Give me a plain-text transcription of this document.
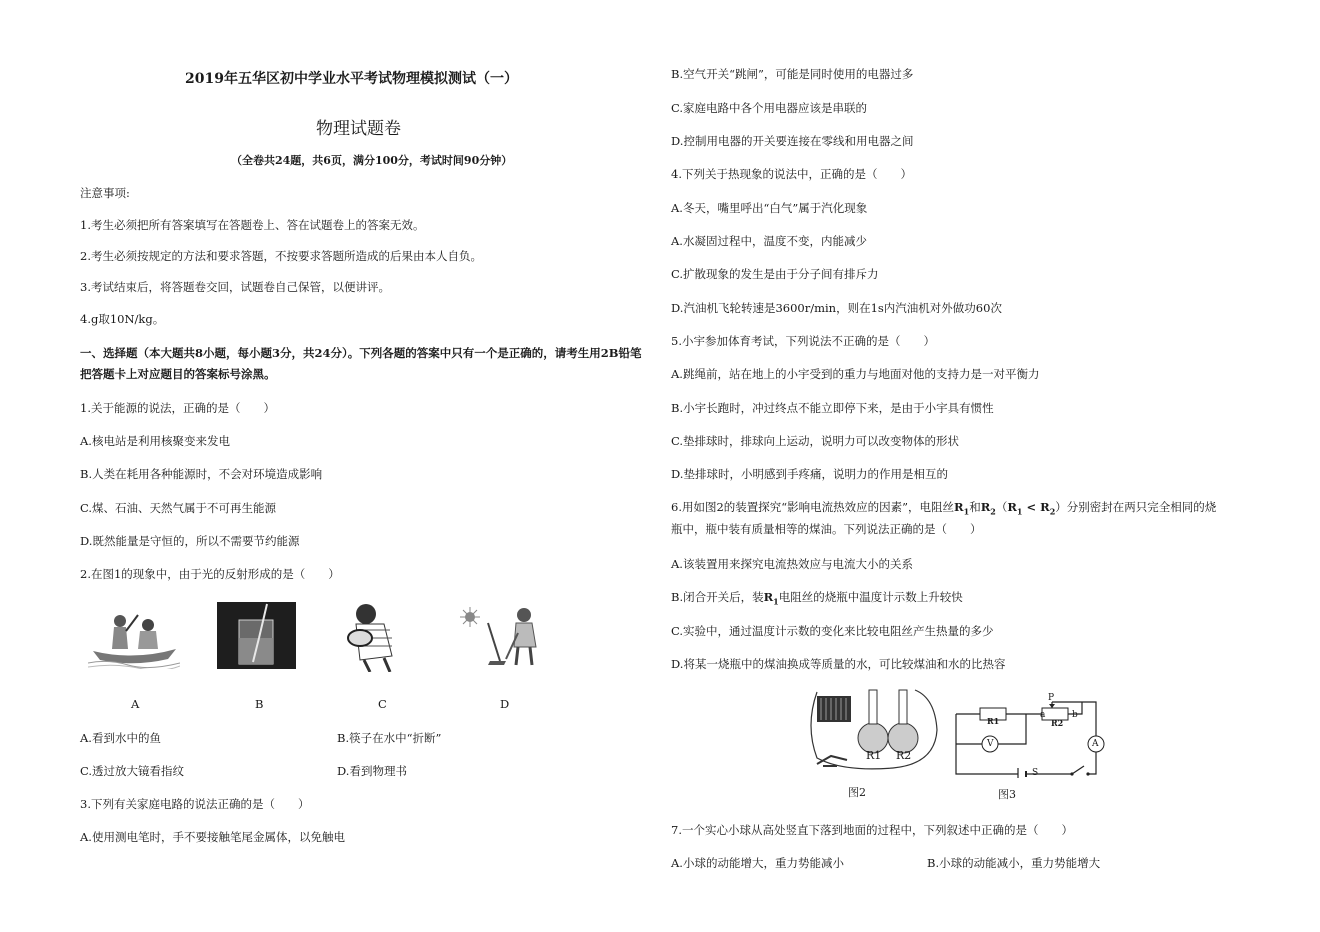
2019年五华区初中学业水平考试物理模拟测试（一）
物理试题卷
（全卷共24题，共6页，满分100分，考试时间90分钟）
注意事项:
1.考生必须把所有答案填写在答题卷上、答在试题卷上的答案无效。
2.考生必须按规定的方法和要求答题，不按要求答题所造成的后果由本人自负。
3.考试结束后，将答题卷交回，试题卷自己保管，以便讲评。
4.g取10N/kg。
一、选择题（本大题共8小题，每小题3分，共24分）。下列各题的答案中只有一个是正确的，请考生用2B铅笔
把答题卡上对应题目的答案标号涂黑。
1.关于能源的说法，正确的是（　　）
A.核电站是利用核聚变来发电
B.人类在耗用各种能源时，不会对环境造成影响
C.煤、石油、天然气属于不可再生能源
D.既然能量是守恒的，所以不需要节约能源
2.在图1的现象中，由于光的反射形成的是（　　）
A	B	C	D
A.看到水中的鱼	B.筷子在水中“折断”
C.透过放大镜看指纹	D.看到物理书
3.下列有关家庭电路的说法正确的是（　　）
A.使用测电笔时，手不要接触笔尾金属体，以免触电
B.空气开关“跳闸”，可能是同时使用的电器过多
C.家庭电路中各个用电器应该是串联的
D.控制用电器的开关要连接在零线和用电器之间
4.下列关于热现象的说法中，正确的是（　　）
A.冬天，嘴里呼出“白气”属于汽化现象
A.水凝固过程中，温度不变，内能减少
C.扩散现象的发生是由于分子间有排斥力
D.汽油机飞轮转速是3600r/min，则在1s内汽油机对外做功60次
5.小宇参加体育考试，下列说法不正确的是（　　）
A.跳绳前，站在地上的小宇受到的重力与地面对他的支持力是一对平衡力
B.小宇长跑时，冲过终点不能立即停下来，是由于小宇具有惯性
C.垫排球时，排球向上运动，说明力可以改变物体的形状
D.垫排球时，小明感到手疼痛，说明力的作用是相互的
6.用如图2的装置探究“影响电流热效应的因素”，电阻丝$R_1$和$R_2(R_1 < R_2)$分别密封在两只完全相同的烧
瓶中，瓶中装有质量相等的煤油。下列说法正确的是（　　）
A.该装置用来探究电流热效应与电流大小的关系
B.闭合开关后，装$R_1$电阻丝的烧瓶中温度计示数上升较快
C.实验中，通过温度计示数的变化来比较电阻丝产生热量的多少
D.将某一烧瓶中的煤油换成等质量的水，可比较煤油和水的比热容
R1 R2
图2
P
a	b
R1	R2
V	A
S
图3
7.一个实心小球从高处竖直下落到地面的过程中，下列叙述中正确的是（　　）
A.小球的动能增大，重力势能减小	B.小球的动能减小，重力势能增大
